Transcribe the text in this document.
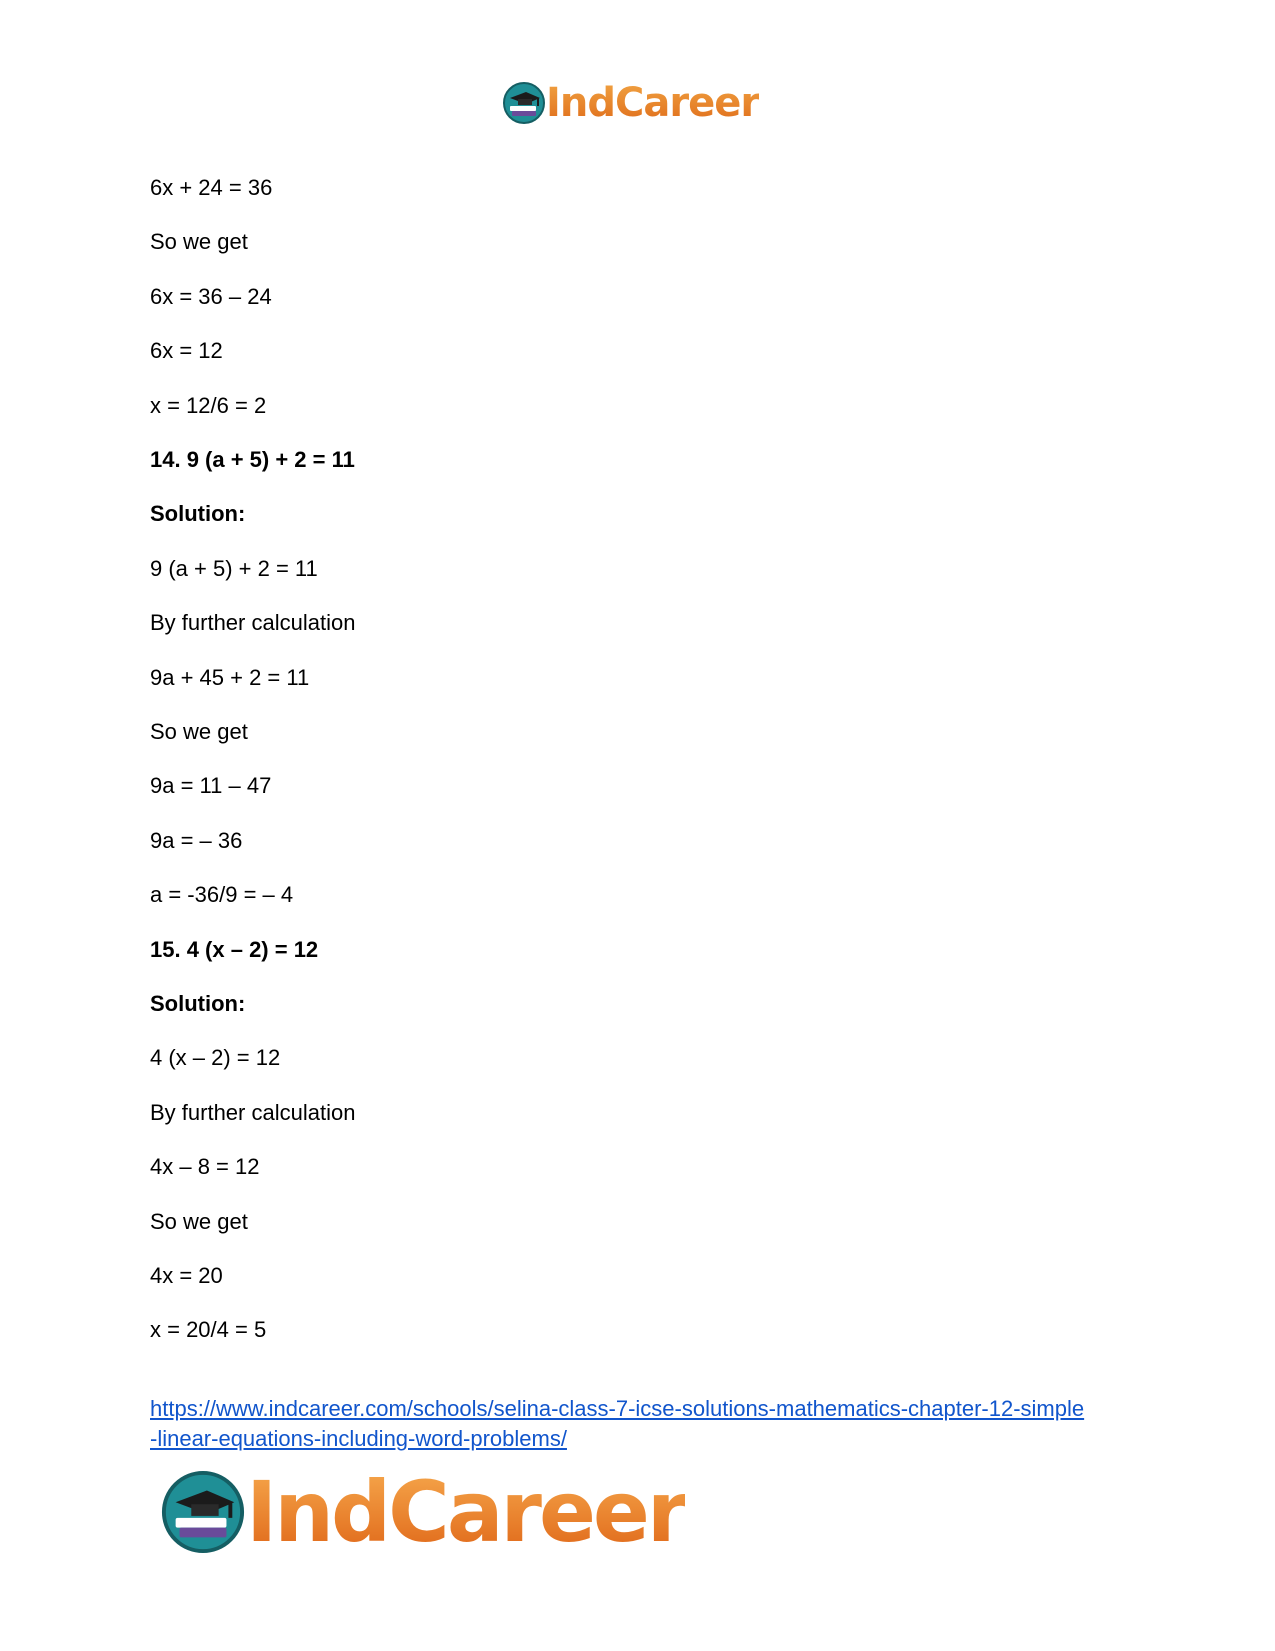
IndCareer
6x + 24 = 36
So we get
6x = 36 – 24
6x = 12
x = 12/6 = 2
14. 9 (a + 5) + 2 = 11
Solution:
9 (a + 5) + 2 = 11
By further calculation
9a + 45 + 2 = 11
So we get
9a = 11 – 47
9a = – 36
a = -36/9 = – 4
15. 4 (x – 2) = 12
Solution:
4 (x – 2) = 12
By further calculation
4x – 8 = 12
So we get
4x = 20
x = 20/4 = 5
https://www.indcareer.com/schools/selina-class-7-icse-solutions-mathematics-chapter-12-simple
-linear-equations-including-word-problems/
IndCareer
